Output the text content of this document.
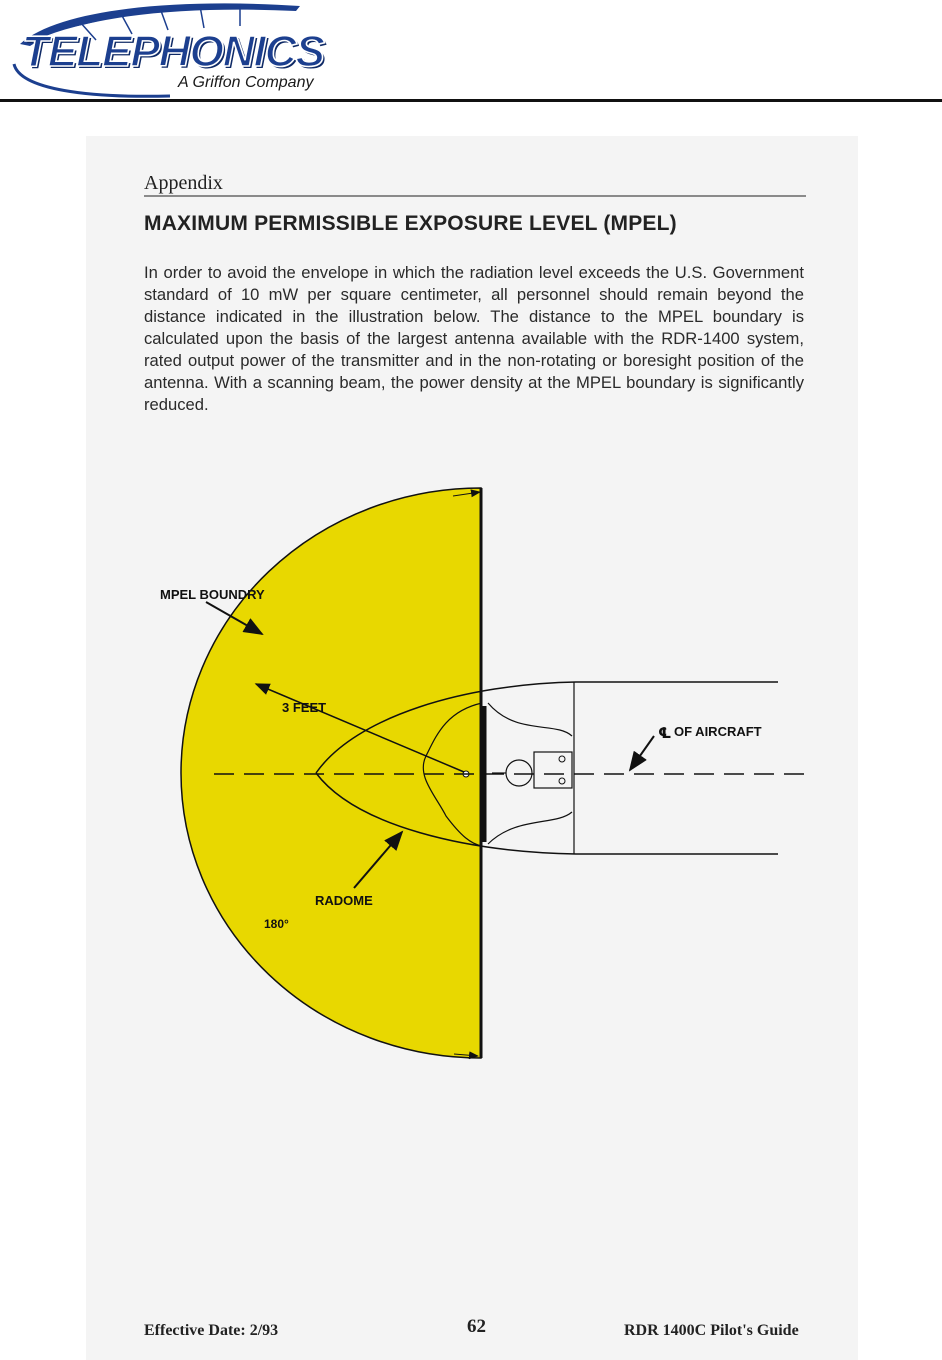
TELEPHONICS
A Griffon Company
Appendix
MAXIMUM PERMISSIBLE EXPOSURE LEVEL (MPEL)
In order to avoid the envelope in which the radiation level exceeds the U.S. Government standard of 10 mW per square centimeter, all personnel should remain beyond the distance indicated in the illustration below. The distance to the MPEL boundary is calculated upon the basis of the largest antenna available with the RDR-1400 system, rated output power of the transmitter and in the non-rotating or boresight position of the antenna. With a scanning beam, the power density at the MPEL boundary is significantly reduced.
MPEL BOUNDRY
3 FEET
℄ OF AIRCRAFT
RADOME
180°
Effective Date: 2/93	62	RDR 1400C Pilot's Guide
